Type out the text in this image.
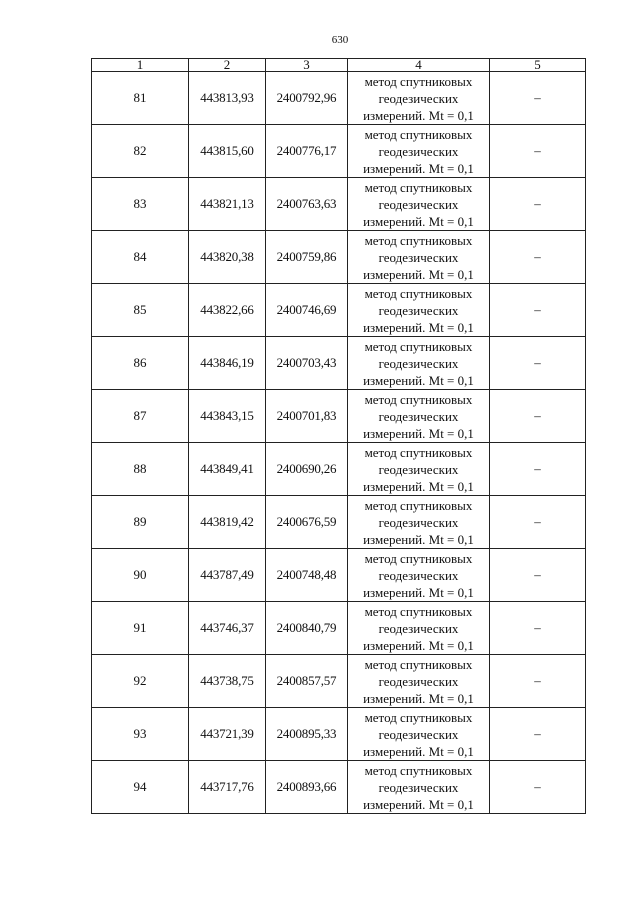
630
1	2	3	4	5
81	443813,93	2400792,96	метод спутниковых
геодезических
измерений. Mt = 0,1	–
82	443815,60	2400776,17	метод спутниковых
геодезических
измерений. Mt = 0,1	–
83	443821,13	2400763,63	метод спутниковых
геодезических
измерений. Mt = 0,1	–
84	443820,38	2400759,86	метод спутниковых
геодезических
измерений. Mt = 0,1	–
85	443822,66	2400746,69	метод спутниковых
геодезических
измерений. Mt = 0,1	–
86	443846,19	2400703,43	метод спутниковых
геодезических
измерений. Mt = 0,1	–
87	443843,15	2400701,83	метод спутниковых
геодезических
измерений. Mt = 0,1	–
88	443849,41	2400690,26	метод спутниковых
геодезических
измерений. Mt = 0,1	–
89	443819,42	2400676,59	метод спутниковых
геодезических
измерений. Mt = 0,1	–
90	443787,49	2400748,48	метод спутниковых
геодезических
измерений. Mt = 0,1	–
91	443746,37	2400840,79	метод спутниковых
геодезических
измерений. Mt = 0,1	–
92	443738,75	2400857,57	метод спутниковых
геодезических
измерений. Mt = 0,1	–
93	443721,39	2400895,33	метод спутниковых
геодезических
измерений. Mt = 0,1	–
94	443717,76	2400893,66	метод спутниковых
геодезических
измерений. Mt = 0,1	–
